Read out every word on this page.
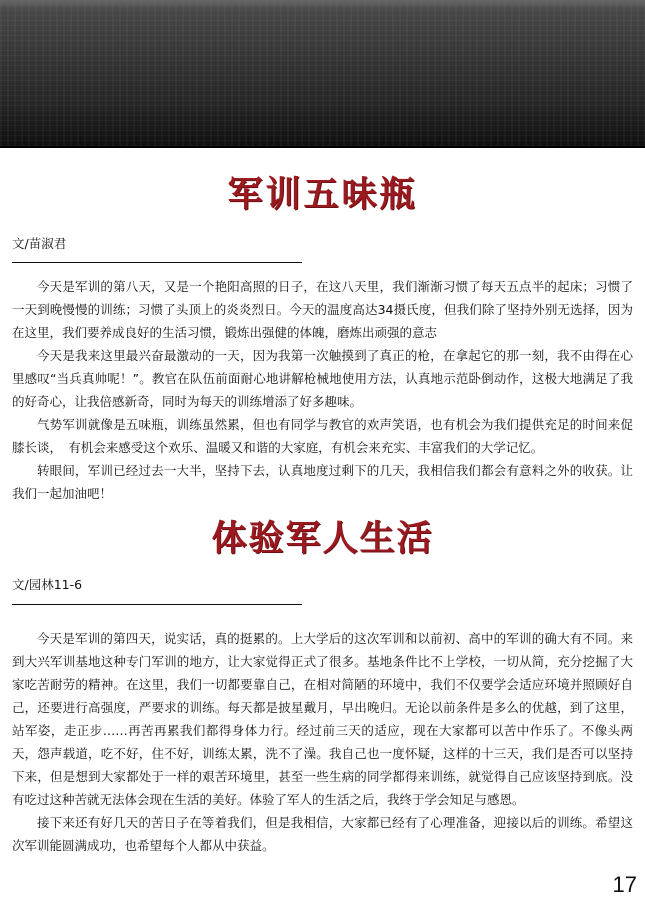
军训五味瓶
文/苗淑君

今天是军训的第八天，又是一个艳阳高照的日子，在这八天里，我们渐渐习惯了每天五点半的起床；习惯了一天到晚慢慢的训练；习惯了头顶上的炎炎烈日。今天的温度高达34摄氏度，但我们除了坚持外别无选择，因为在这里，我们要养成良好的生活习惯，锻炼出强健的体魄，磨炼出顽强的意志

今天是我来这里最兴奋最激动的一天，因为我第一次触摸到了真正的枪，在拿起它的那一刻，我不由得在心里感叹“当兵真帅呢！”。教官在队伍前面耐心地讲解枪械地使用方法，认真地示范卧倒动作，这极大地满足了我的好奇心，让我倍感新奇，同时为每天的训练增添了好多趣味。

气势军训就像是五味瓶，训练虽然累，但也有同学与教官的欢声笑语，也有机会为我们提供充足的时间来促膝长谈，　有机会来感受这个欢乐、温暖又和谐的大家庭，有机会来充实、丰富我们的大学记忆。

转眼间，军训已经过去一大半，坚持下去，认真地度过剩下的几天，我相信我们都会有意料之外的收获。让我们一起加油吧！

体验军人生活
文/园林11-6

今天是军训的第四天，说实话，真的挺累的。上大学后的这次军训和以前初、高中的军训的确大有不同。来到大兴军训基地这种专门军训的地方，让大家觉得正式了很多。基地条件比不上学校，一切从简，充分挖掘了大家吃苦耐劳的精神。在这里，我们一切都要靠自己，在相对简陋的环境中，我们不仅要学会适应环境并照顾好自己，还要进行高强度，严要求的训练。每天都是披星戴月，早出晚归。无论以前条件是多么的优越，到了这里，站军姿，走正步……再苦再累我们都得身体力行。经过前三天的适应，现在大家都可以苦中作乐了。不像头两天，怨声载道，吃不好，住不好，训练太累，洗不了澡。我自己也一度怀疑，这样的十三天，我们是否可以坚持下来，但是想到大家都处于一样的艰苦环境里，甚至一些生病的同学都得来训练，就觉得自己应该坚持到底。没有吃过这种苦就无法体会现在生活的美好。体验了军人的生活之后，我终于学会知足与感恩。

接下来还有好几天的苦日子在等着我们，但是我相信，大家都已经有了心理准备，迎接以后的训练。希望这次军训能圆满成功，也希望每个人都从中获益。

17
